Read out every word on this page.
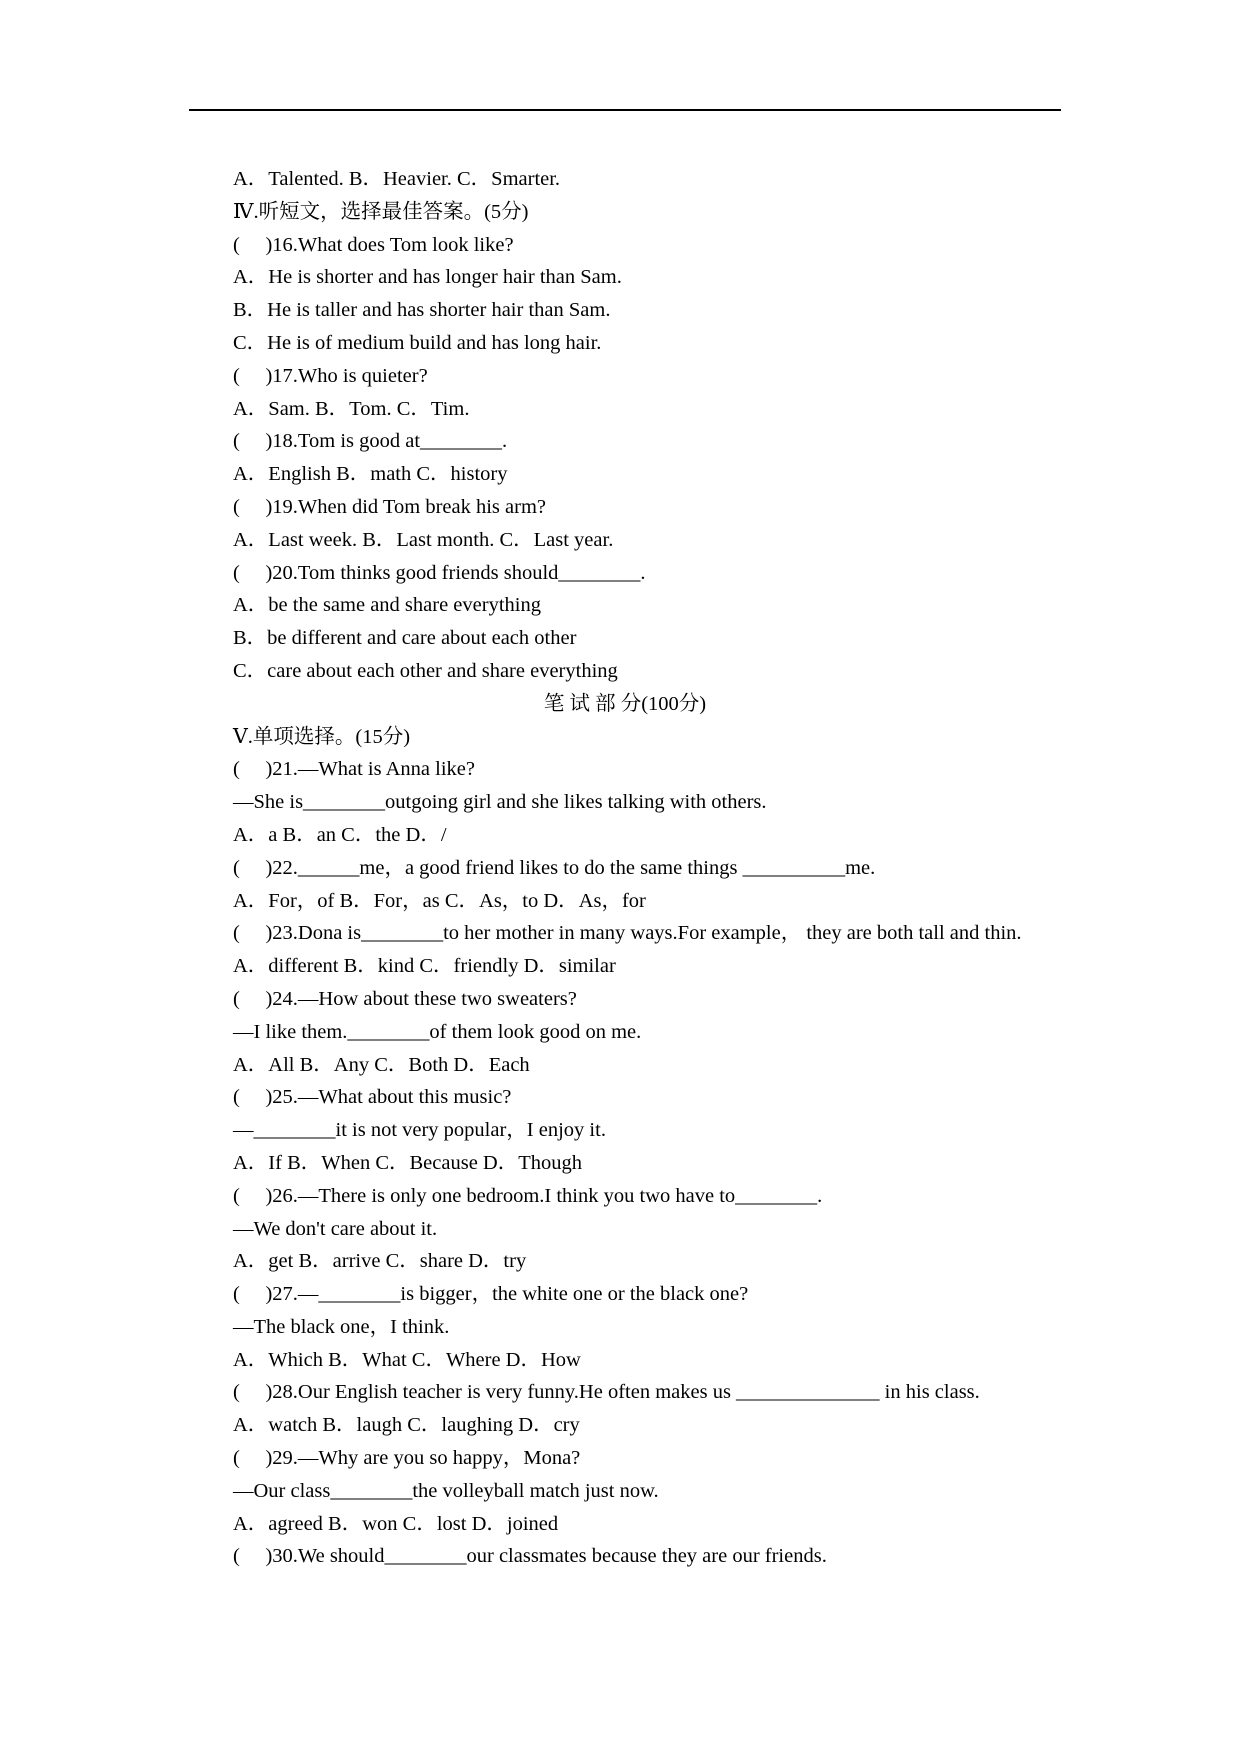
A．Talented. B．Heavier. C．Smarter.
Ⅳ.听短文，选择最佳答案。(5分)
(　 )16.What does Tom look like?
A．He is shorter and has longer hair than Sam.
B．He is taller and has shorter hair than Sam.
C．He is of medium build and has long hair.
(　 )17.Who is quieter?
A．Sam. B．Tom. C．Tim.
(　 )18.Tom is good at________.
A．English B．math C．history
(　 )19.When did Tom break his arm?
A．Last week. B．Last month. C．Last year.
(　 )20.Tom thinks good friends should________.
A．be the same and share everything
B．be different and care about each other
C．care about each other and share everything
笔 试 部 分(100分)
Ⅴ.单项选择。(15分)
(　 )21.—What is Anna like?
—She is________outgoing girl and she likes talking with others.
A．a B．an C．the D．/
(　 )22.______me，a good friend likes to do the same things __________me.
A．For，of B．For，as C．As，to D．As，for
(　 )23.Dona is________to her mother in many ways.For example， they are both tall and thin.
A．different B．kind C．friendly D．similar
(　 )24.—How about these two sweaters?
—I like them.________of them look good on me.
A．All B．Any C．Both D．Each
(　 )25.—What about this music?
—________it is not very popular，I enjoy it.
A．If B．When C．Because D．Though
(　 )26.—There is only one bedroom.I think you two have to________.
—We don't care about it.
A．get B．arrive C．share D．try
(　 )27.—________is bigger，the white one or the black one?
—The black one，I think.
A．Which B．What C．Where D．How
(　 )28.Our English teacher is very funny.He often makes us ______________ in his class.
A．watch B．laugh C．laughing D．cry
(　 )29.—Why are you so happy，Mona?
—Our class________the volleyball match just now.
A．agreed B．won C．lost D．joined
(　 )30.We should________our classmates because they are our friends.
